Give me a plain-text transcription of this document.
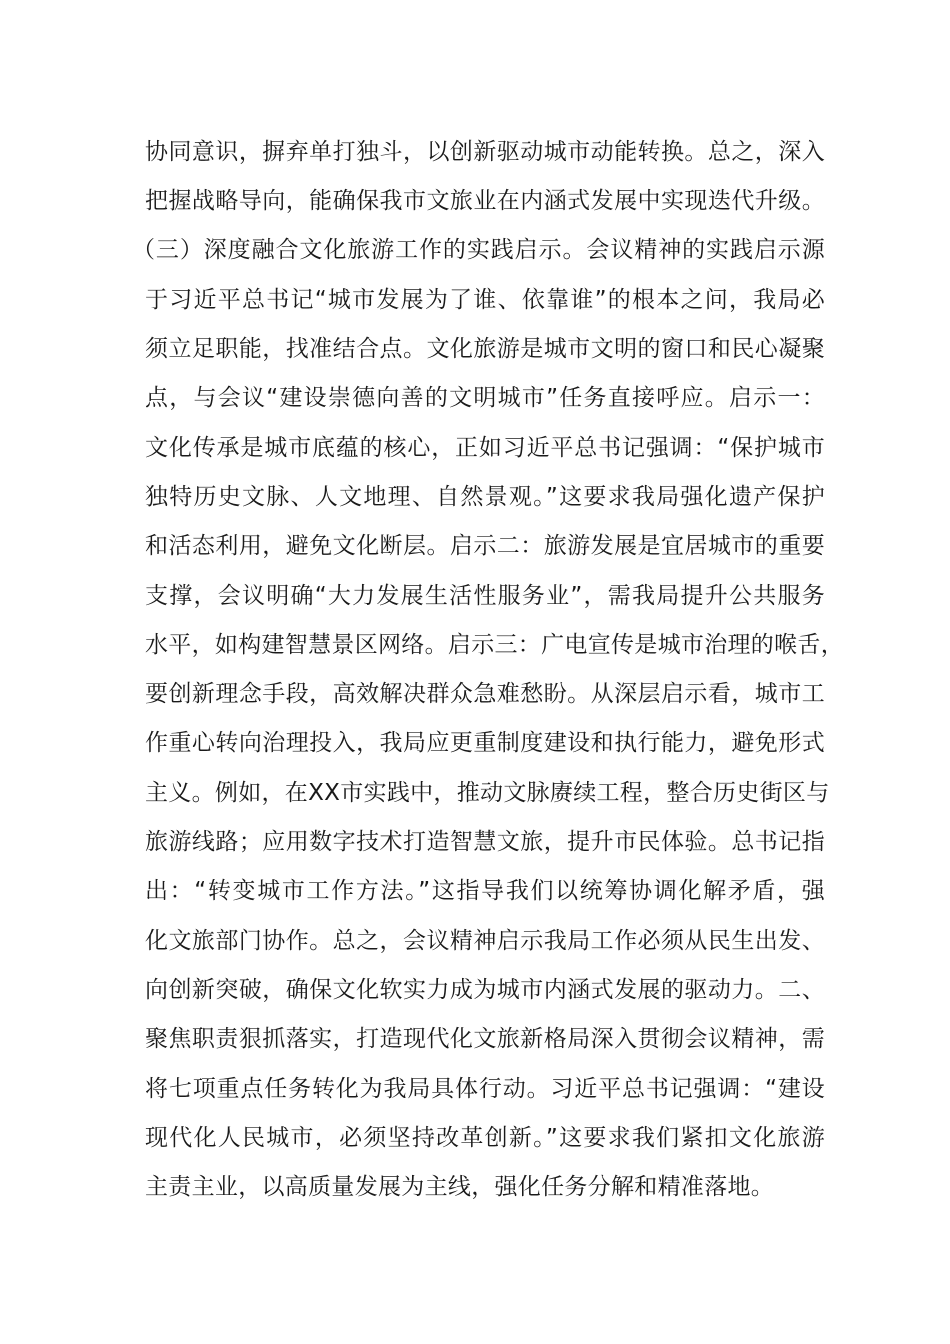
协同意识，摒弃单打独斗，以创新驱动城市动能转换。总之，深入
把握战略导向，能确保我市文旅业在内涵式发展中实现迭代升级。
（三）深度融合文化旅游工作的实践启示。会议精神的实践启示源
于习近平总书记“城市发展为了谁、依靠谁”的根本之问，我局必
须立足职能，找准结合点。文化旅游是城市文明的窗口和民心凝聚
点，与会议“建设崇德向善的文明城市”任务直接呼应。启示一：
文化传承是城市底蕴的核心，正如习近平总书记强调：“保护城市
独特历史文脉、人文地理、自然景观。”这要求我局强化遗产保护
和活态利用，避免文化断层。启示二：旅游发展是宜居城市的重要
支撑，会议明确“大力发展生活性服务业”，需我局提升公共服务
水平，如构建智慧景区网络。启示三：广电宣传是城市治理的喉舌，
要创新理念手段，高效解决群众急难愁盼。从深层启示看，城市工
作重心转向治理投入，我局应更重制度建设和执行能力，避免形式
主义。例如，在XX市实践中，推动文脉赓续工程，整合历史街区与
旅游线路；应用数字技术打造智慧文旅，提升市民体验。总书记指
出：“转变城市工作方法。”这指导我们以统筹协调化解矛盾，强
化文旅部门协作。总之，会议精神启示我局工作必须从民生出发、
向创新突破，确保文化软实力成为城市内涵式发展的驱动力。二、
聚焦职责狠抓落实，打造现代化文旅新格局深入贯彻会议精神，需
将七项重点任务转化为我局具体行动。习近平总书记强调：“建设
现代化人民城市，必须坚持改革创新。”这要求我们紧扣文化旅游
主责主业，以高质量发展为主线，强化任务分解和精准落地。
